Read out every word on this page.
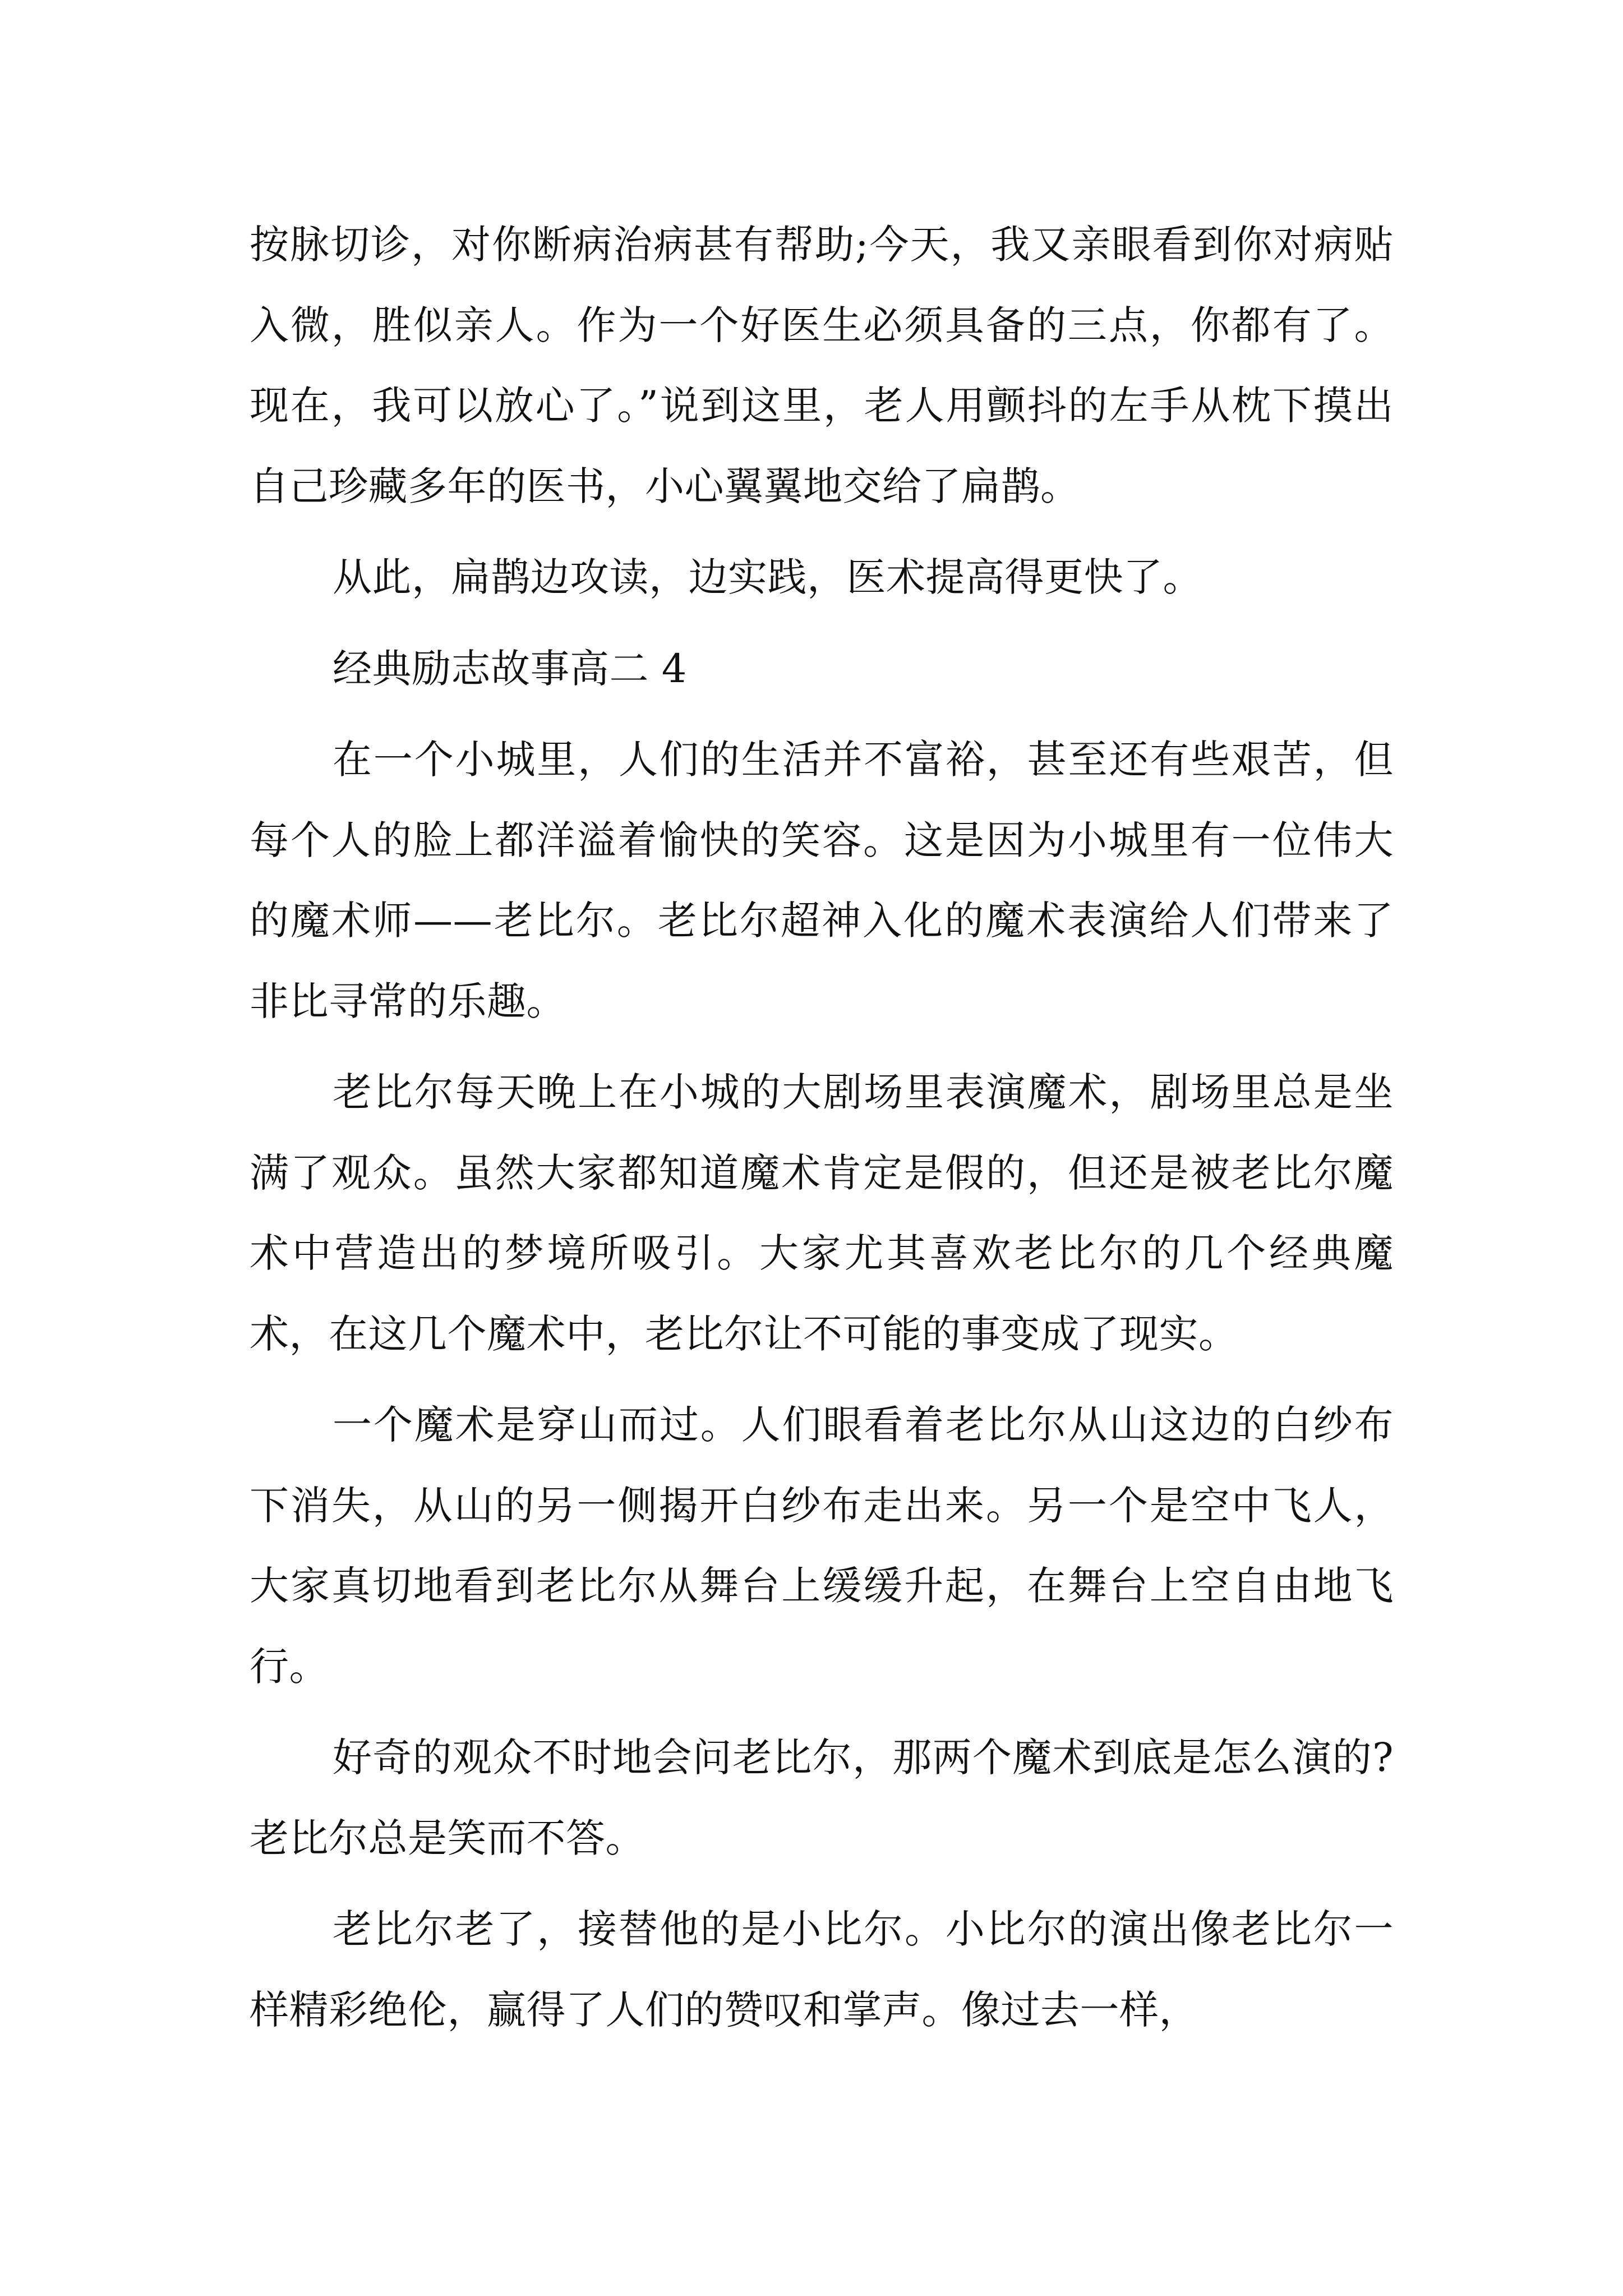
按脉切诊，对你断病治病甚有帮助;今天，我又亲眼看到你对病贴入微，胜似亲人。作为一个好医生必须具备的三点，你都有了。现在，我可以放心了。”说到这里，老人用颤抖的左手从枕下摸出自己珍藏多年的医书，小心翼翼地交给了扁鹊。

从此，扁鹊边攻读，边实践，医术提高得更快了。

经典励志故事高二 4

在一个小城里，人们的生活并不富裕，甚至还有些艰苦，但每个人的脸上都洋溢着愉快的笑容。这是因为小城里有一位伟大的魔术师——老比尔。老比尔超神入化的魔术表演给人们带来了非比寻常的乐趣。

老比尔每天晚上在小城的大剧场里表演魔术，剧场里总是坐满了观众。虽然大家都知道魔术肯定是假的，但还是被老比尔魔术中营造出的梦境所吸引。大家尤其喜欢老比尔的几个经典魔术，在这几个魔术中，老比尔让不可能的事变成了现实。

一个魔术是穿山而过。人们眼看着老比尔从山这边的白纱布下消失，从山的另一侧揭开白纱布走出来。另一个是空中飞人，大家真切地看到老比尔从舞台上缓缓升起，在舞台上空自由地飞行。

好奇的观众不时地会问老比尔，那两个魔术到底是怎么演的?老比尔总是笑而不答。

老比尔老了，接替他的是小比尔。小比尔的演出像老比尔一样精彩绝伦，赢得了人们的赞叹和掌声。像过去一样，
